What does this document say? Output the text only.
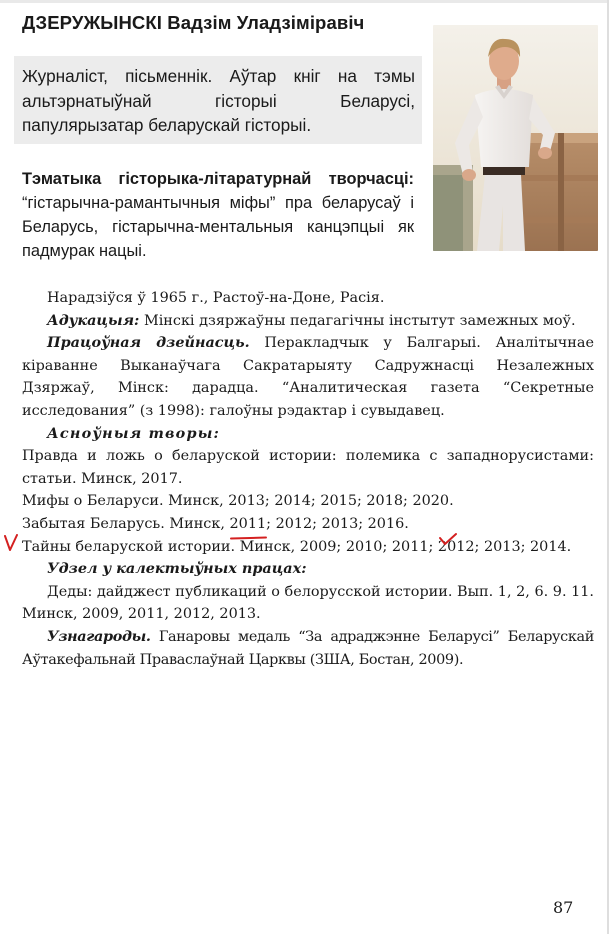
ДЗЕРУЖЫНСКІ Вадзім Уладзіміравіч
Журналіст, пісьменнік. Аўтар кніг на тэмы альтэрнатыўнай гісторыі Беларусі, папулярызатар беларускай гісторыі.
Тэматыка гісторыка-літаратурнай творчасці: “гістарычна-рамантычныя міфы” пра беларусаў і Беларусь, гістарычна-ментальныя канцэпцыі як падмурак нацыі.

Нарадзіўся ў 1965 г., Растоў-на-Доне, Расія.

Адукацыя: Мінскі дзяржаўны педагагічны інстытут замежных моў.

Працоўная дзейнасць. Перакладчык у Балгарыі. Аналітычнае кіраванне Выканаўчага Сакратарыяту Садружнасці Незалежных Дзяржаў, Мінск: дарадца. “Аналитическая газета “Секретные исследования” (з 1998): галоўны рэдактар і сувыдавец.

Асноўныя творы:

Правда и ложь о беларуской истории: полемика с западнорусистами: статьи. Минск, 2017.

Мифы о Беларуси. Минск, 2013; 2014; 2015; 2018; 2020.

Забытая Беларусь. Минск, 2011; 2012; 2013; 2016.

Тайны беларуской истории. Минск, 2009; 2010; 2011; 2012; 2013; 2014.

Удзел у калектыўных працах:

Деды: дайджест публикаций о белорусской истории. Вып. 1, 2, 6. 9. 11. Минск, 2009, 2011, 2012, 2013.

Узнагароды. Ганаровы медаль “За адраджэнне Беларусі” Беларускай Аўтакефальнай Праваслаўнай Царквы (ЗША, Бостан, 2009).

87
